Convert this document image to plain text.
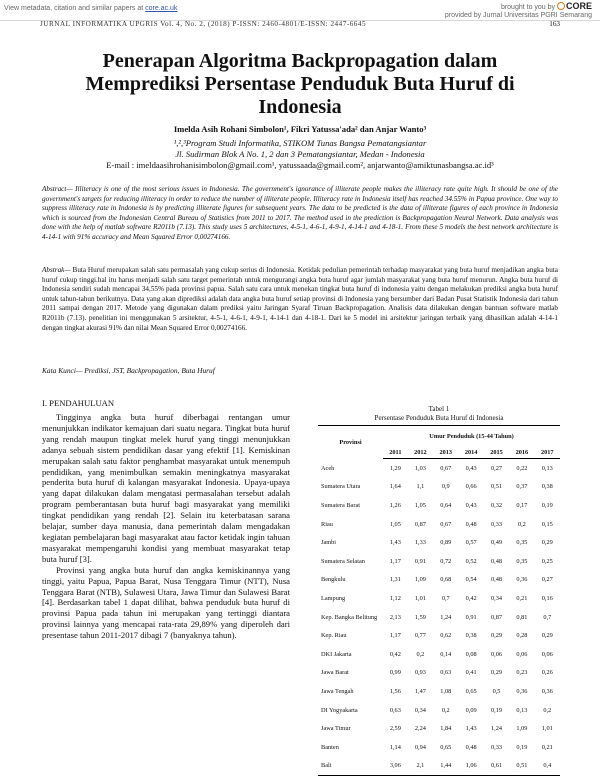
View metadata, citation and similar papers at core.ac.uk	brought to you by CORE
provided by Jurnal Universitas PGRI Semarang
JURNAL INFORMATIKA UPGRIS Vol. 4, No. 2, (2018) P-ISSN: 2460-4801/E-ISSN: 2447-6645	163
Penerapan Algoritma Backpropagation dalam Memprediksi Persentase Penduduk Buta Huruf di Indonesia
Imelda Asih Rohani Simbolon¹, Fikri Yatussa'ada² dan Anjar Wanto³
¹,²,³Program Studi Informatika, STIKOM Tunas Bangsa Pematangsiantar
Jl. Sudirman Blok A No. 1, 2 dan 3 Pematangsiantar, Medan - Indonesia
E-mail : imeldaasihrohanisimbolon@gmail.com¹, yatussaada@gmail.com², anjarwanto@amiktunasbangsa.ac.id³
Abstract— Illiteracy is one of the most serious issues in Indonesia. The government's ignorance of illiterate people makes the illiteracy rate quite high. It should be one of the government's targets for reducing illiteracy in order to reduce the number of illiterate people. Illiteracy rate in Indonesia itself has reached 34.55% in Papua province. One way to suppress illiteracy rate in Indonesia is by predicting illiterate figures for subsequent years. The data to be predicted is the data of illiterate figures of each province in Indonesia which is sourced from the Indonesian Central Bureau of Statistics from 2011 to 2017. The method used in the prediction is Backpropagation Neural Network. Data analysis was done with the help of matlab software R2011b (7.13). This study uses 5 architectures, 4-5-1, 4-6-1, 4-9-1, 4-14-1 and 4-18-1. From these 5 models the best network architecture is 4-14-1 with 91% accuracy and Mean Squared Error 0,00274166.
Abstrak— Buta Huruf merupakan salah satu permasalah yang cukup serius di Indonesia. Ketidak pedulian pemerintah terhadap masyarakat yang buta huruf menjadikan angka buta huruf cukup tinggi.hal itu harus menjadi salah satu target pemerintah untuk mengurangi angka buta huruf agar jumlah masyarakat yang buta huruf menurun. Angka buta huruf di Indonesia sendiri sudah mencapai 34,55% pada provinsi papua. Salah satu cara untuk menekan tingkat buta huruf di indonesia yaitu dengan melakukan prediksi angka buta huruf untuk tahun-tahun berikutnya. Data yang akan diprediksi adalah data angka buta huruf setiap provinsi di Indonesia yang bersumber dari Badan Pusat Statistik Indonesia dari tahun 2011 sampai dengan 2017. Metode yang digunakan dalam prediksi yaitu Jaringan Syaraf Tiruan Backpropagation. Analisis data dilakukan dengan bantuan software matlab R2011b (7.13). penelitian ini menggunakan 5 arsitektur, 4-5-1, 4-6-1, 4-9-1, 4-14-1 dan 4-18-1. Dari ke 5 model ini arsitektur jaringan terbaik yang dihasilkan adalah 4-14-1 dengan tingkat akurasi 91% dan nilai Mean Squared Error 0,00274166.
Kata Kunci— Prediksi, JST, Backpropagation, Buta Huruf
I. PENDAHULUAN

Tingginya angka buta huruf diberbagai rentangan umur menunjukkan indikator kemajuan dari suatu negara. Tingkat buta huruf yang rendah maupun tingkat melek huruf yang tinggi menunjukkan adanya sebuah sistem pendidikan dasar yang efektif [1]. Kemiskinan merupakan salah satu faktor penghambat masyarakat untuk menempuh pendidikan, yang menimbulkan semakin meningkatnya masyarakat penderita buta huruf di kalangan masyarakat Indonesia. Upaya-upaya yang dapat dilakukan dalam mengatasi permasalahan tersebut adalah program pemberantasan buta huruf bagi masyarakat yang memiliki tingkat pendidikan yang rendah [2]. Selain itu keterbatasan sarana belajar, sumber daya manusia, dana pemerintah dalam mengadakan kegiatan pembelajaran bagi masyarakat atau factor ketidak ingin tahuan masyarakat mempengaruhi kondisi yang membuat masyarakat tetap buta huruf [3].

Provinsi yang angka buta huruf dan angka kemiskinannya yang tinggi, yaitu Papua, Papua Barat, Nusa Tenggara Timur (NTT), Nusa Tenggara Barat (NTB), Sulawesi Utara, Jawa Timur dan Sulawesi Barat [4]. Berdasarkan tabel 1 dapat dilihat, bahwa penduduk buta huruf di provinsi Papua pada tahun ini merupakan yang tertinggi diantara provinsi lainnya yang mencapai rata-rata 29,89% yang diperoleh dari presentase tahun 2011-2017 dibagi 7 (banyaknya tahun).

Tabel 1
Persentase Penduduk Buta Huruf di Indonesia
Provinsi	Umur Penduduk (15-44 Tahun)						
	2011	2012	2013	2014	2015	2016	2017
Aceh	1,29	1,03	0,67	0,43	0,27	0,22	0,13
Sumatera Utara	1,64	1,1	0,9	0,66	0,51	0,37	0,38
Sumatera Barat	1,26	1,05	0,64	0,43	0,32	0,17	0,19
Riau	1,05	0,87	0,67	0,48	0,33	0,2	0,15
Jambi	1,43	1,33	0,89	0,57	0,49	0,35	0,29
Sumatera Selatan	1,17	0,91	0,72	0,52	0,48	0,35	0,25
Bengkulu	1,31	1,09	0,68	0,54	0,48	0,36	0,27
Lampung	1,12	1,01	0,7	0,42	0,34	0,21	0,16
Kep. Bangka Belitung	2,13	1,59	1,24	0,91	0,87	0,81	0,7
Kep. Riau	1,17	0,77	0,62	0,38	0,29	0,28	0,29
DKI Jakarta	0,42	0,2	0,14	0,08	0,06	0,06	0,06
Jawa Barat	0,99	0,93	0,63	0,41	0,29	0,23	0,26
Jawa Tengah	1,56	1,47	1,08	0,65	0,5	0,36	0,36
DI Yogyakarta	0,63	0,34	0,2	0,09	0,19	0,13	0,2
Jawa Timur	2,59	2,24	1,84	1,43	1,24	1,09	1,01
Banten	1,14	0,94	0,65	0,48	0,33	0,19	0,21
Bali	3,06	2,1	1,44	1,06	0,61	0,51	0,4
